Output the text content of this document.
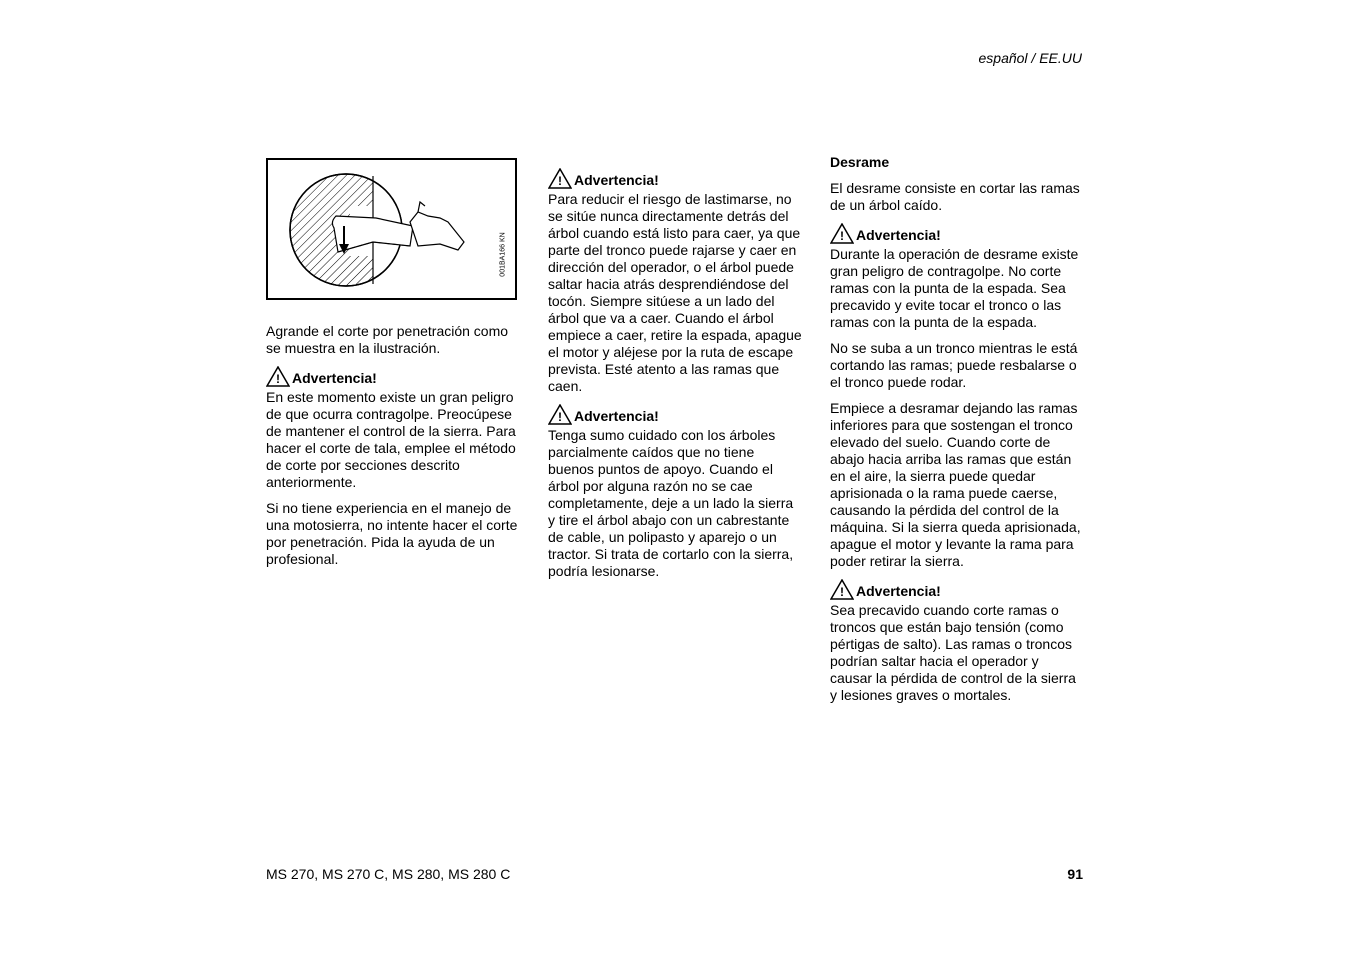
español / EE.UU
001BA166 KN

Agrande el corte por penetración como se muestra en la ilustración.

! Advertencia!

En este momento existe un gran peligro de que ocurra contragolpe. Preocúpese de mantener el control de la sierra. Para hacer el corte de tala, emplee el método de corte por secciones descrito anteriormente.

Si no tiene experiencia en el manejo de una motosierra, no intente hacer el corte por penetración. Pida la ayuda de un profesional.

! Advertencia!

Para reducir el riesgo de lastimarse, no se sitúe nunca directamente detrás del árbol cuando está listo para caer, ya que parte del tronco puede rajarse y caer en dirección del operador, o el árbol puede saltar hacia atrás desprendiéndose del tocón. Siempre sitúese a un lado del árbol que va a caer. Cuando el árbol empiece a caer, retire la espada, apague el motor y aléjese por la ruta de escape prevista. Esté atento a las ramas que caen.

! Advertencia!

Tenga sumo cuidado con los árboles parcialmente caídos que no tiene buenos puntos de apoyo. Cuando el árbol por alguna razón no se cae completamente, deje a un lado la sierra y tire el árbol abajo con un cabrestante de cable, un polipasto y aparejo o un tractor. Si trata de cortarlo con la sierra, podría lesionarse.

Desrame

El desrame consiste en cortar las ramas de un árbol caído.

! Advertencia!

Durante la operación de desrame existe gran peligro de contragolpe. No corte ramas con la punta de la espada. Sea precavido y evite tocar el tronco o las ramas con la punta de la espada.

No se suba a un tronco mientras le está cortando las ramas; puede resbalarse o el tronco puede rodar.

Empiece a desramar dejando las ramas inferiores para que sostengan el tronco elevado del suelo. Cuando corte de abajo hacia arriba las ramas que están en el aire, la sierra puede quedar aprisionada o la rama puede caerse, causando la pérdida del control de la máquina. Si la sierra queda aprisionada, apague el motor y levante la rama para poder retirar la sierra.

! Advertencia!

Sea precavido cuando corte ramas o troncos que están bajo tensión (como pértigas de salto). Las ramas o troncos podrían saltar hacia el operador y causar la pérdida de control de la sierra y lesiones graves o mortales.

MS 270, MS 270 C, MS 280, MS 280 C	91
